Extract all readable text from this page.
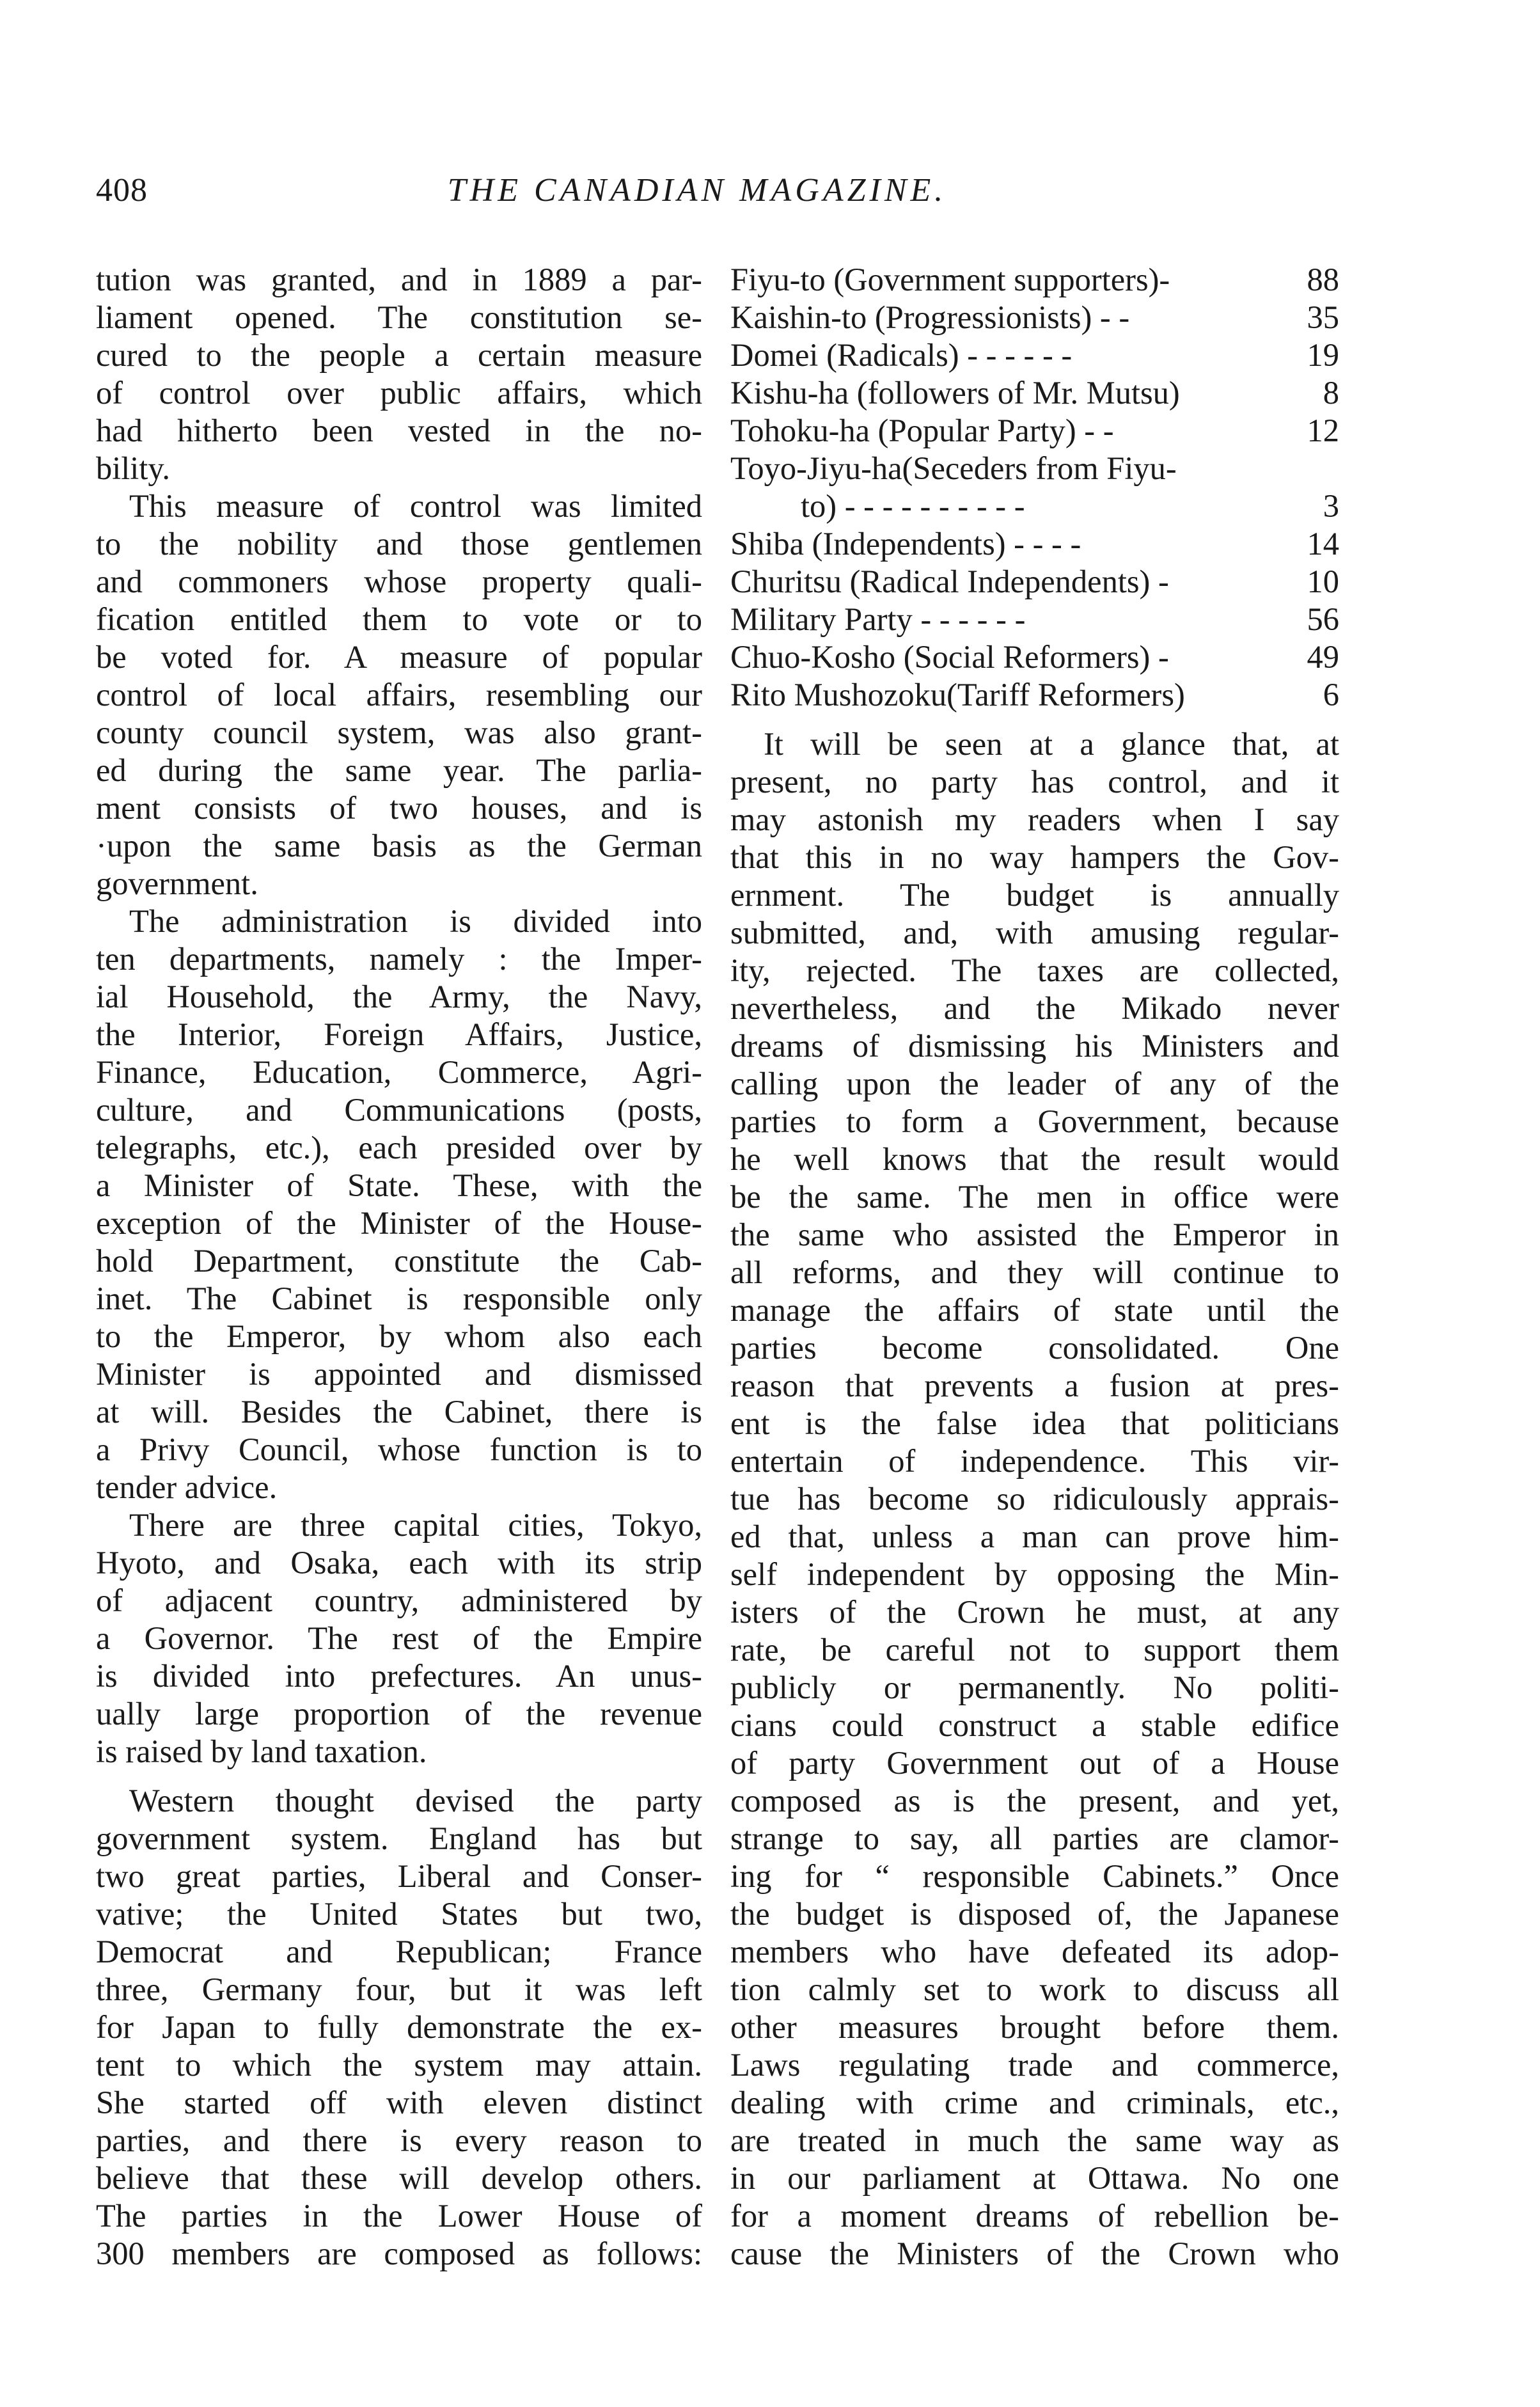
408	THE CANADIAN MAGAZINE.
tution was granted, and in 1889 a par-
liament opened. The constitution se-
cured to the people a certain measure
of control over public affairs, which
had hitherto been vested in the no-
bility.
This measure of control was limited
to the nobility and those gentlemen
and commoners whose property quali-
fication entitled them to vote or to
be voted for. A measure of popular
control of local affairs, resembling our
county council system, was also grant-
ed during the same year. The parlia-
ment consists of two houses, and is
·upon the same basis as the German
government.
The administration is divided into
ten departments, namely : the Imper-
ial Household, the Army, the Navy,
the Interior, Foreign Affairs, Justice,
Finance, Education, Commerce, Agri-
culture, and Communications (posts,
telegraphs, etc.), each presided over by
a Minister of State. These, with the
exception of the Minister of the House-
hold Department, constitute the Cab-
inet. The Cabinet is responsible only
to the Emperor, by whom also each
Minister is appointed and dismissed
at will. Besides the Cabinet, there is
a Privy Council, whose function is to
tender advice.
There are three capital cities, Tokyo,
Hyoto, and Osaka, each with its strip
of adjacent country, administered by
a Governor. The rest of the Empire
is divided into prefectures. An unus-
ually large proportion of the revenue
is raised by land taxation.
Western thought devised the party
government system. England has but
two great parties, Liberal and Conser-
vative; the United States but two,
Democrat and Republican; France
three, Germany four, but it was left
for Japan to fully demonstrate the ex-
tent to which the system may attain.
She started off with eleven distinct
parties, and there is every reason to
believe that these will develop others.
The parties in the Lower House of
300 members are composed as follows:
Fiyu-to (Government supporters)-	88
Kaishin-to (Progressionists) - -	35
Domei (Radicals) - - - - - -	19
Kishu-ha (followers of Mr. Mutsu)	8
Tohoku-ha (Popular Party) - -	12
Toyo-Jiyu-ha(Seceders from Fiyu-
to) - - - - - - - - - -	3
Shiba (Independents) - - - -	14
Churitsu (Radical Independents) -	10
Military Party - - - - - -	56
Chuo-Kosho (Social Reformers) -	49
Rito Mushozoku(Tariff Reformers)	6
It will be seen at a glance that, at
present, no party has control, and it
may astonish my readers when I say
that this in no way hampers the Gov-
ernment. The budget is annually
submitted, and, with amusing regular-
ity, rejected. The taxes are collected,
nevertheless, and the Mikado never
dreams of dismissing his Ministers and
calling upon the leader of any of the
parties to form a Government, because
he well knows that the result would
be the same. The men in office were
the same who assisted the Emperor in
all reforms, and they will continue to
manage the affairs of state until the
parties become consolidated. One
reason that prevents a fusion at pres-
ent is the false idea that politicians
entertain of independence. This vir-
tue has become so ridiculously apprais-
ed that, unless a man can prove him-
self independent by opposing the Min-
isters of the Crown he must, at any
rate, be careful not to support them
publicly or permanently. No politi-
cians could construct a stable edifice
of party Government out of a House
composed as is the present, and yet,
strange to say, all parties are clamor-
ing for “ responsible Cabinets.” Once
the budget is disposed of, the Japanese
members who have defeated its adop-
tion calmly set to work to discuss all
other measures brought before them.
Laws regulating trade and commerce,
dealing with crime and criminals, etc.,
are treated in much the same way as
in our parliament at Ottawa. No one
for a moment dreams of rebellion be-
cause the Ministers of the Crown who
